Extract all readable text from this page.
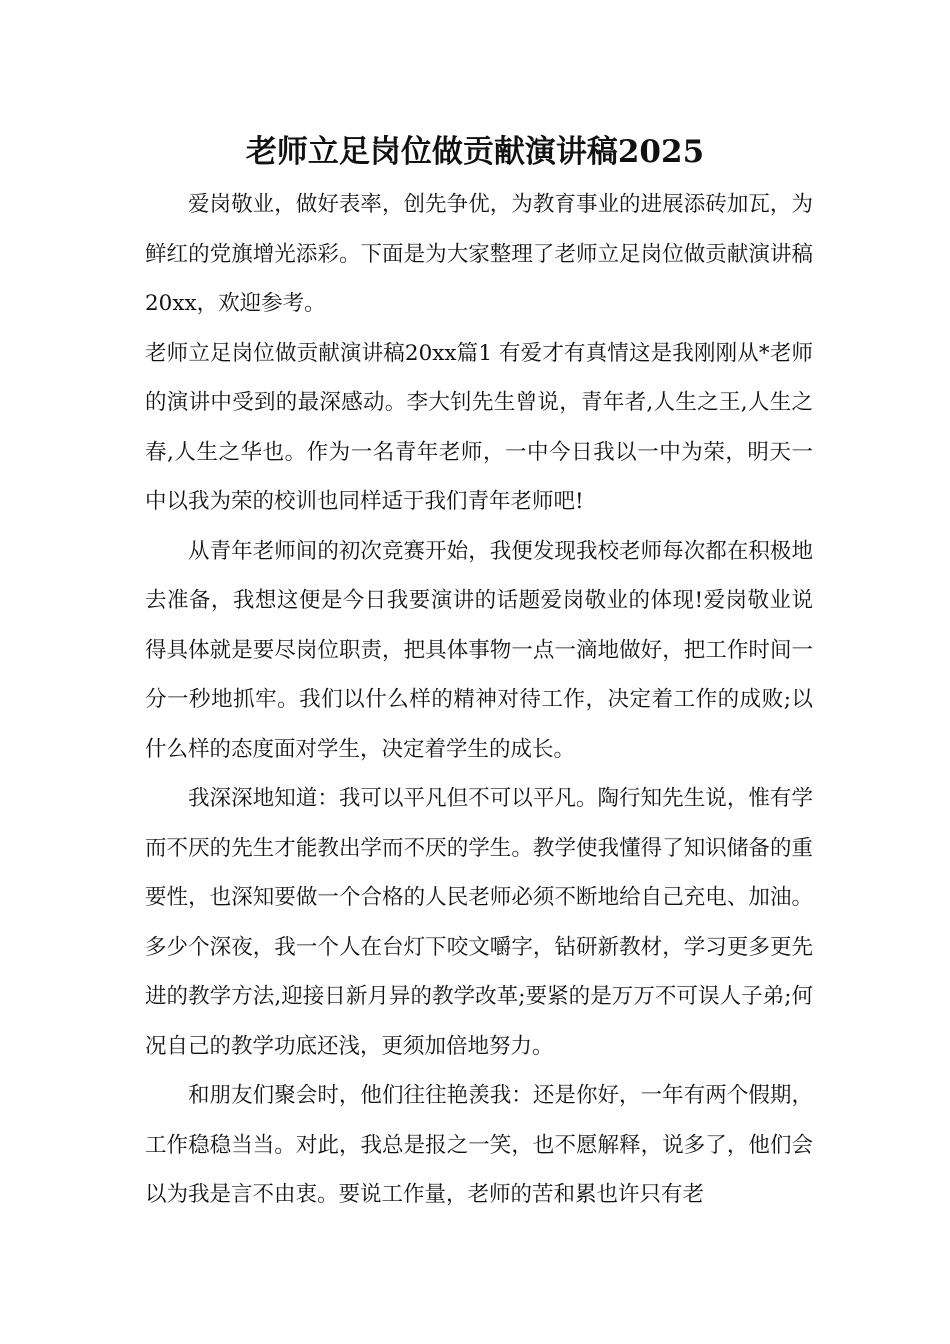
老师立足岗位做贡献演讲稿2025

爱岗敬业，做好表率，创先争优，为教育事业的进展添砖加瓦，为鲜红的党旗增光添彩。下面是为大家整理了老师立足岗位做贡献演讲稿20xx，欢迎参考。

老师立足岗位做贡献演讲稿20xx篇1 有爱才有真情这是我刚刚从*老师的演讲中受到的最深感动。李大钊先生曾说，青年者,人生之王,人生之春,人生之华也。作为一名青年老师，一中今日我以一中为荣，明天一中以我为荣的校训也同样适于我们青年老师吧!

从青年老师间的初次竞赛开始，我便发现我校老师每次都在积极地去准备，我想这便是今日我要演讲的话题爱岗敬业的体现!爱岗敬业说得具体就是要尽岗位职责，把具体事物一点一滴地做好，把工作时间一分一秒地抓牢。我们以什么样的精神对待工作，决定着工作的成败;以什么样的态度面对学生，决定着学生的成长。

我深深地知道：我可以平凡但不可以平凡。陶行知先生说，惟有学而不厌的先生才能教出学而不厌的学生。教学使我懂得了知识储备的重要性，也深知要做一个合格的人民老师必须不断地给自己充电、加油。多少个深夜，我一个人在台灯下咬文嚼字，钻研新教材，学习更多更先进的教学方法,迎接日新月异的教学改革;要紧的是万万不可误人子弟;何况自己的教学功底还浅，更须加倍地努力。

和朋友们聚会时，他们往往艳羡我：还是你好，一年有两个假期，工作稳稳当当。对此，我总是报之一笑，也不愿解释，说多了，他们会以为我是言不由衷。要说工作量，老师的苦和累也许只有老
